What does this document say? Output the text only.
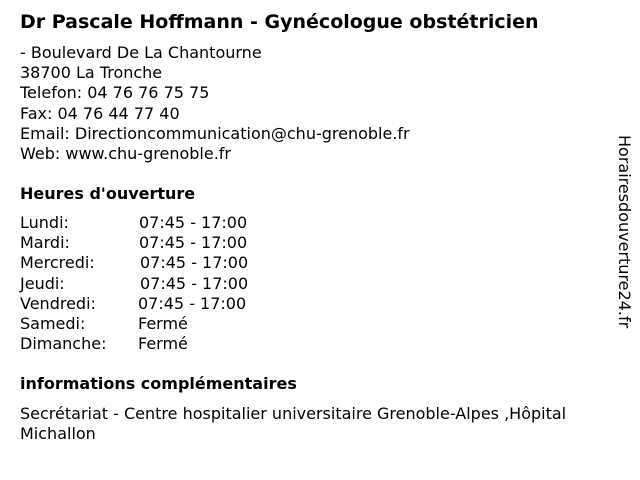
Dr Pascale Hoffmann - Gynécologue obstétricien
- Boulevard De La Chantourne
38700 La Tronche
Telefon: 04 76 76 75 75
Fax: 04 76 44 77 40
Email: Directioncommunication@chu-grenoble.fr
Web: www.chu-grenoble.fr
Heures d'ouverture
Lundi:	07:45 - 17:00
Mardi:	07:45 - 17:00
Mercredi:	07:45 - 17:00
Jeudi:	07:45 - 17:00
Vendredi:	07:45 - 17:00
Samedi:	Fermé
Dimanche: Fermé
informations complémentaires
Secrétariat - Centre hospitalier universitaire Grenoble-Alpes ,Hôpital Michallon
Horairesdouverture24.fr
